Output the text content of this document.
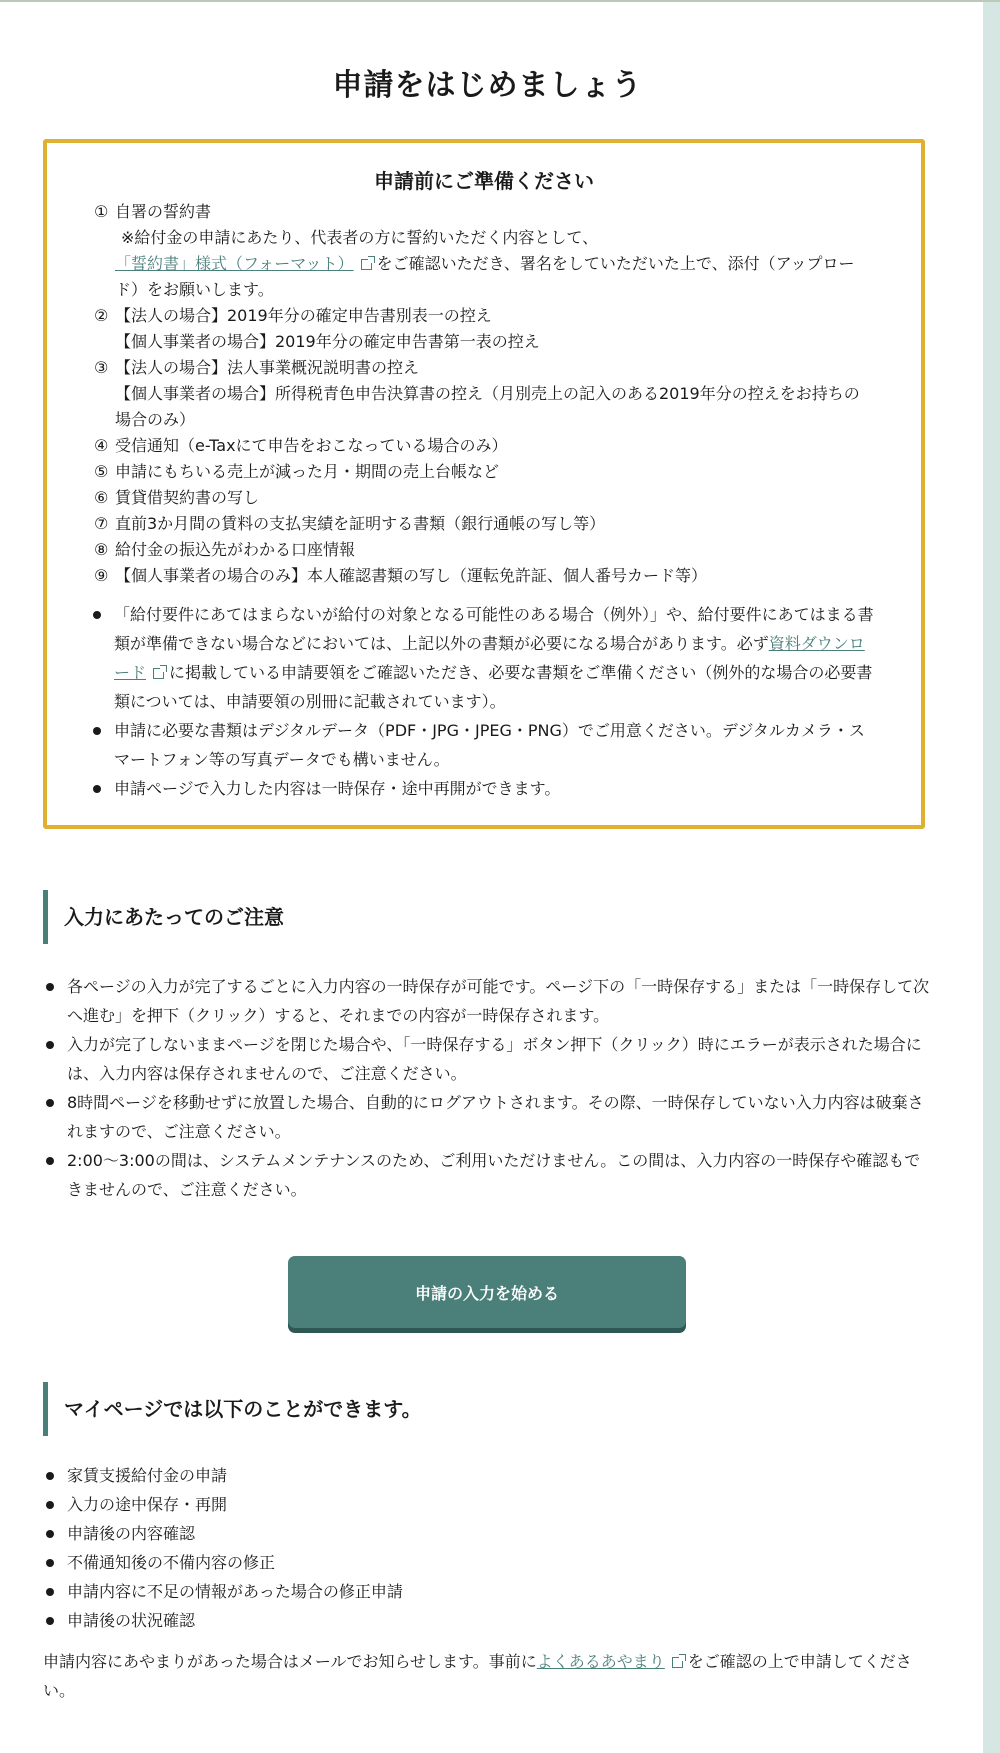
申請をはじめましょう
申請前にご準備ください
① 自署の誓約書
※給付金の申請にあたり、代表者の方に誓約いただく内容として、
「誓約書」様式（フォーマット） をご確認いただき、署名をしていただいた上で、添付（アップロード）をお願いします。
② 【法人の場合】2019年分の確定申告書別表一の控え
【個人事業者の場合】2019年分の確定申告書第一表の控え
③ 【法人の場合】法人事業概況説明書の控え
【個人事業者の場合】所得税青色申告決算書の控え（月別売上の記入のある2019年分の控えをお持ちの場合のみ）
④ 受信通知（e-Taxにて申告をおこなっている場合のみ）
⑤ 申請にもちいる売上が減った月・期間の売上台帳など
⑥ 賃貸借契約書の写し
⑦ 直前3か月間の賃料の支払実績を証明する書類（銀行通帳の写し等）
⑧ 給付金の振込先がわかる口座情報
⑨ 【個人事業者の場合のみ】本人確認書類の写し（運転免許証、個人番号カード等）
「給付要件にあてはまらないが給付の対象となる可能性のある場合（例外）」や、給付要件にあてはまる書類が準備できない場合などにおいては、上記以外の書類が必要になる場合があります。必ず資料ダウンロード に掲載している申請要領をご確認いただき、必要な書類をご準備ください（例外的な場合の必要書類については、申請要領の別冊に記載されています）。
申請に必要な書類はデジタルデータ（PDF・JPG・JPEG・PNG）でご用意ください。デジタルカメラ・スマートフォン等の写真データでも構いません。
申請ページで入力した内容は一時保存・途中再開ができます。
入力にあたってのご注意
各ページの入力が完了するごとに入力内容の一時保存が可能です。ページ下の「一時保存する」または「一時保存して次へ進む」を押下（クリック）すると、それまでの内容が一時保存されます。
入力が完了しないままページを閉じた場合や、「一時保存する」ボタン押下（クリック）時にエラーが表示された場合には、入力内容は保存されませんので、ご注意ください。
8時間ページを移動せずに放置した場合、自動的にログアウトされます。その際、一時保存していない入力内容は破棄されますので、ご注意ください。
2:00〜3:00の間は、システムメンテナンスのため、ご利用いただけません。この間は、入力内容の一時保存や確認もできませんので、ご注意ください。
申請の入力を始める
マイページでは以下のことができます。
家賃支援給付金の申請
入力の途中保存・再開
申請後の内容確認
不備通知後の不備内容の修正
申請内容に不足の情報があった場合の修正申請
申請後の状況確認
申請内容にあやまりがあった場合はメールでお知らせします。事前によくあるあやまり をご確認の上で申請してください。
